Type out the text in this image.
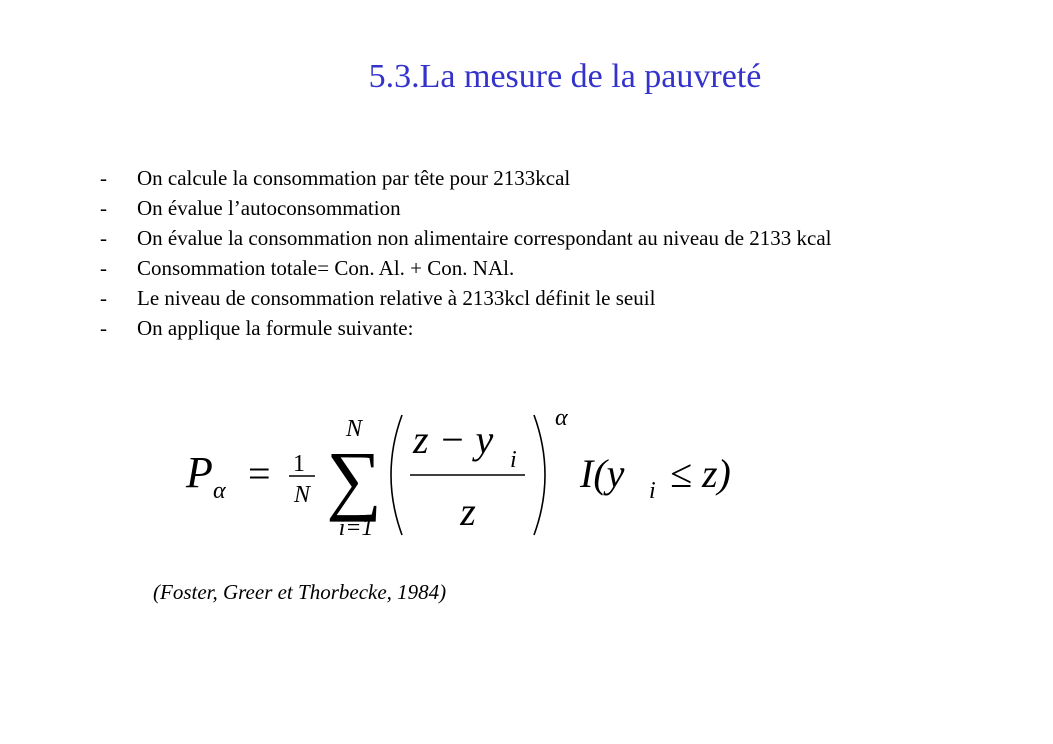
5.3.La mesure de la pauvreté
- On calcule la consommation par tête pour 2133kcal
- On évalue l’autoconsommation
- On évalue la consommation non alimentaire correspondant au niveau de 2133 kcal
- Consommation totale= Con. Al. + Con. NAl.
- Le niveau de consommation relative à 2133kcl définit le seuil
- On applique la formule suivante:
P α = 1
N
N
∑
i=1
z − y i
z
α
I(y i ≤ z)
(Foster, Greer et Thorbecke, 1984)
